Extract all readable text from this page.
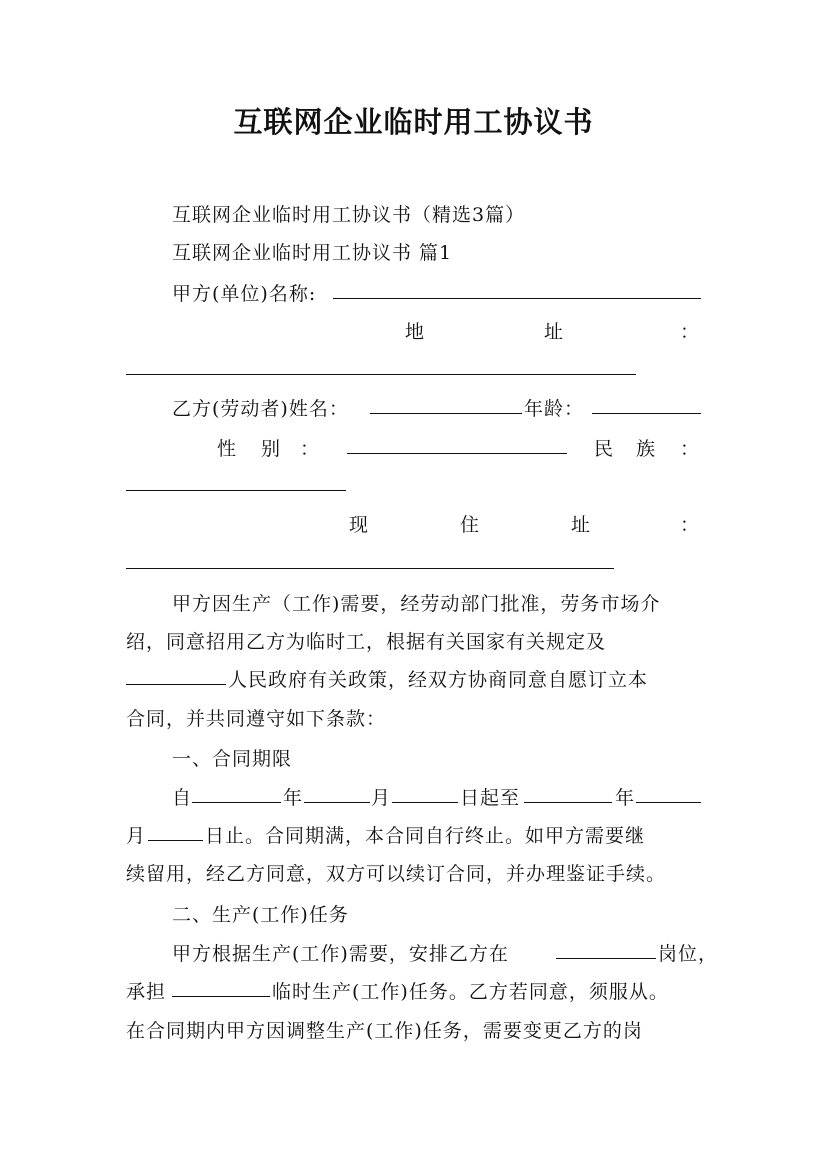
互联网企业临时用工协议书
互联网企业临时用工协议书（精选3篇）
互联网企业临时用工协议书 篇1
甲方(单位)名称:
地	址	：
乙方(劳动者)姓名：	年龄：
性 别 ：	民 族 ：
现	住	址	：
甲方因生产（工作)需要，经劳动部门批准，劳务市场介
绍，同意招用乙方为临时工，根据有关国家有关规定及
人民政府有关政策，经双方协商同意自愿订立本
合同，并共同遵守如下条款：
一、合同期限
自	年	月	日起至	年
月	日止。合同期满，本合同自行终止。如甲方需要继
续留用，经乙方同意，双方可以续订合同，并办理鉴证手续。
二、生产(工作)任务
甲方根据生产(工作)需要，安排乙方在	岗位，
承担	临时生产(工作)任务。乙方若同意，须服从。
在合同期内甲方因调整生产(工作)任务，需要变更乙方的岗
